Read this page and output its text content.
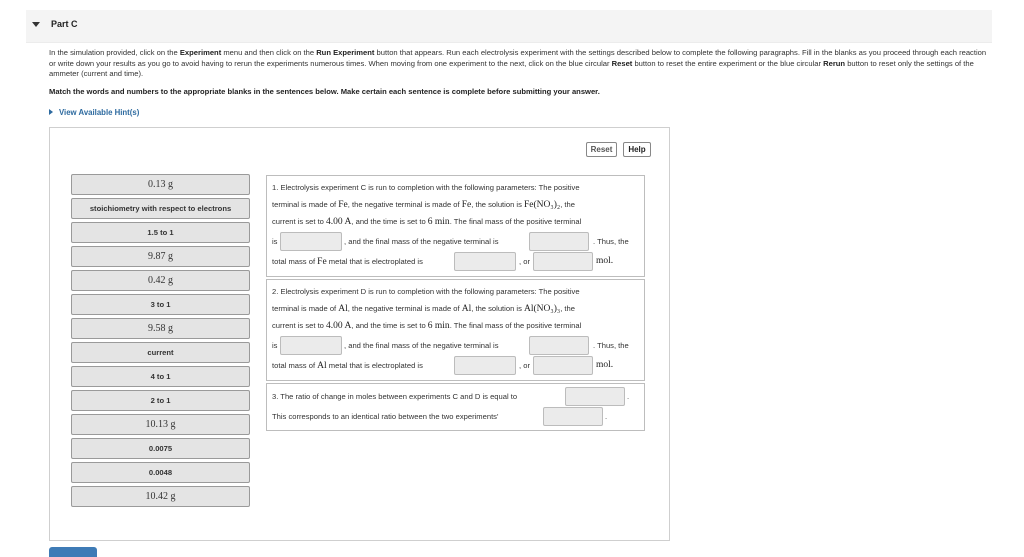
Part C
In the simulation provided, click on the Experiment menu and then click on the Run Experiment button that appears. Run each electrolysis experiment with the settings described below to complete the following paragraphs. Fill in the blanks as you proceed through each reaction or write down your results as you go to avoid having to rerun the experiments numerous times. When moving from one experiment to the next, click on the blue circular Reset button to reset the entire experiment or the blue circular Rerun button to reset only the settings of the ammeter (current and time).
Match the words and numbers to the appropriate blanks in the sentences below. Make certain each sentence is complete before submitting your answer.
View Available Hint(s)
Reset	Help
0.13 g
stoichiometry with respect to electrons
1.5 to 1
9.87 g
0.42 g
3 to 1
9.58 g
current
4 to 1
2 to 1
10.13 g
0.0075
0.0048
10.42 g
1. Electrolysis experiment C is run to completion with the following parameters: The positive
terminal is made of Fe, the negative terminal is made of Fe, the solution is Fe(NO₃)₂, the
current is set to 4.00 A, and the time is set to 6 min. The final mass of the positive terminal
is	, and the final mass of the negative terminal is	. Thus, the
total mass of Fe metal that is electroplated is	, or	mol.
2. Electrolysis experiment D is run to completion with the following parameters: The positive
terminal is made of Al, the negative terminal is made of Al, the solution is Al(NO₃)₃, the
current is set to 4.00 A, and the time is set to 6 min. The final mass of the positive terminal
is	, and the final mass of the negative terminal is	. Thus, the
total mass of Al metal that is electroplated is	, or	mol.
3. The ratio of change in moles between experiments C and D is equal to	.
This corresponds to an identical ratio between the two experiments'	.
